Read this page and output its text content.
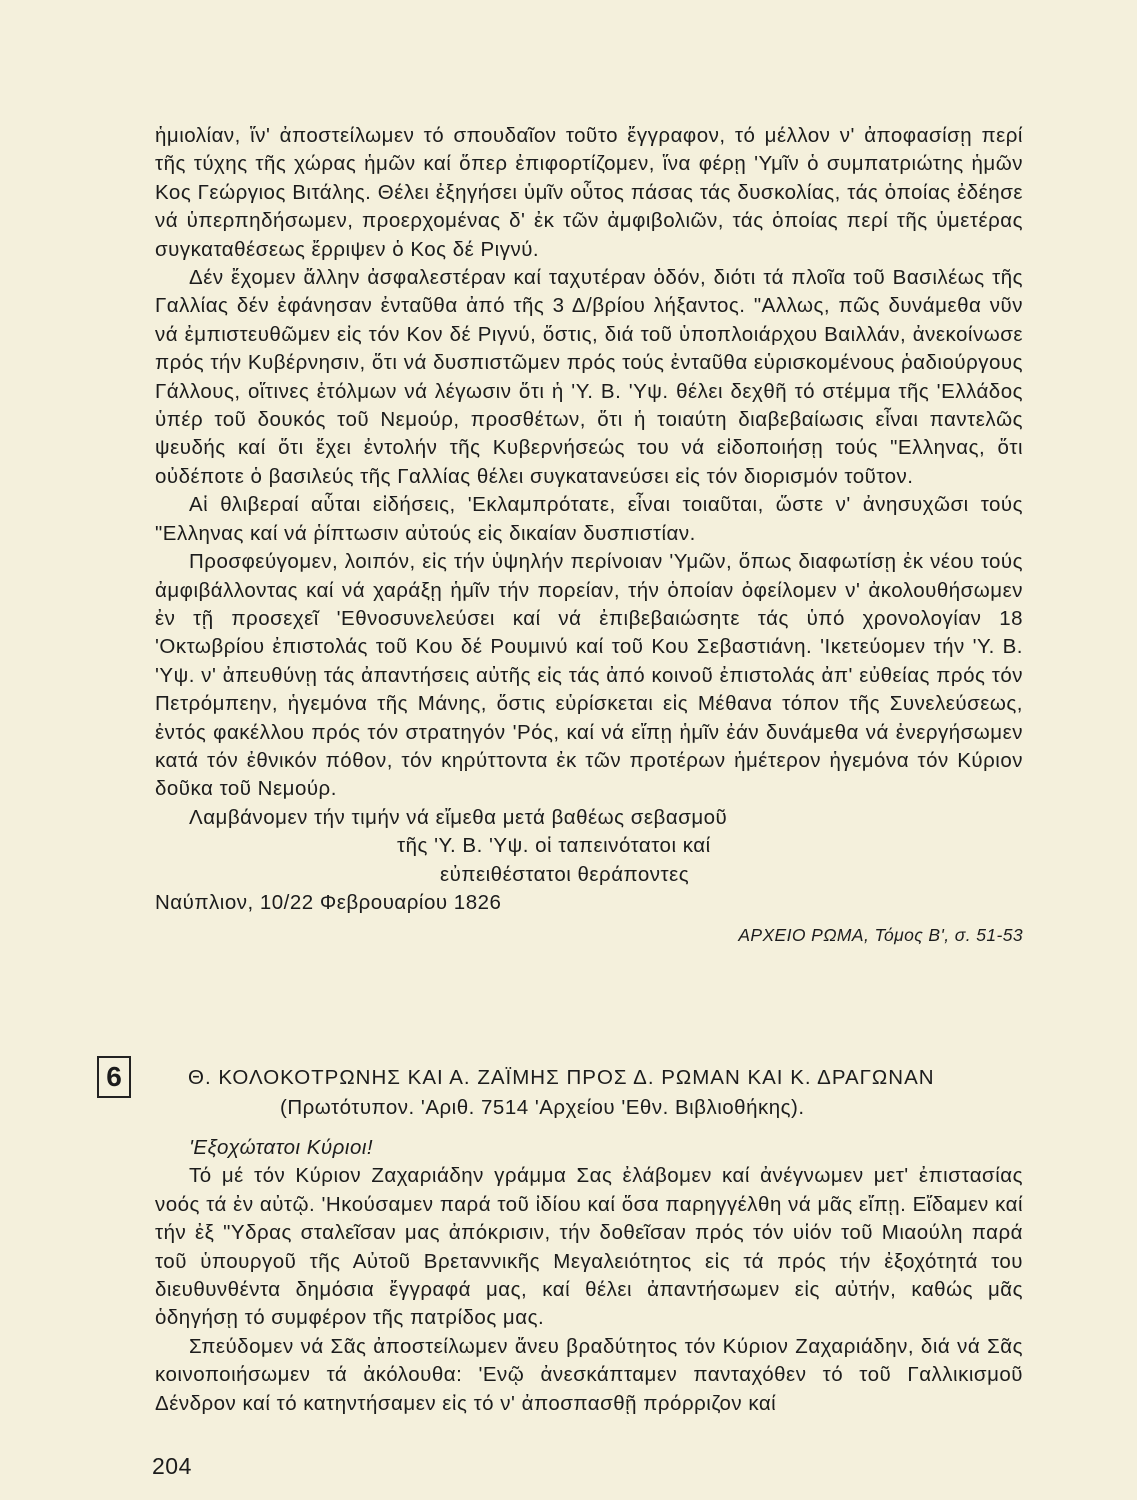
ἡμιολίαν, ἵν' ἀποστείλωμεν τό σπουδαῖον τοῦτο ἔγγραφον, τό μέλλον ν' ἀποφασίσῃ περί τῆς τύχης τῆς χώρας ἡμῶν καί ὅπερ ἐπιφορτίζομεν, ἵνα φέρῃ 'Υμῖν ὁ συμπατριώτης ἡμῶν Κος Γεώργιος Βιτάλης. Θέλει ἐξηγήσει ὑμῖν οὗτος πάσας τάς δυσκολίας, τάς ὁποίας ἐδέησε νά ὑπερπηδήσωμεν, προερχομένας δ' ἐκ τῶν ἀμφιβολιῶν, τάς ὁποίας περί τῆς ὑμετέρας συγκαταθέσεως ἔρριψεν ὁ Κος δέ Ριγνύ.

Δέν ἔχομεν ἄλλην ἀσφαλεστέραν καί ταχυτέραν ὁδόν, διότι τά πλοῖα τοῦ Βασιλέως τῆς Γαλλίας δέν ἐφάνησαν ἐνταῦθα ἀπό τῆς 3 Δ/βρίου λήξαντος. "Αλλως, πῶς δυνάμεθα νῦν νά ἐμπιστευθῶμεν εἰς τόν Κον δέ Ριγνύ, ὅστις, διά τοῦ ὑποπλοιάρχου Βαιλλάν, ἀνεκοίνωσε πρός τήν Κυβέρνησιν, ὅτι νά δυσπιστῶμεν πρός τούς ἐνταῦθα εὑρισκομένους ῥαδιούργους Γάλλους, οἵτινες ἐτόλμων νά λέγωσιν ὅτι ἡ 'Υ. Β. 'Υψ. θέλει δεχθῆ τό στέμμα τῆς 'Ελλάδος ὑπέρ τοῦ δουκός τοῦ Νεμούρ, προσθέτων, ὅτι ἡ τοιαύτη διαβεβαίωσις εἶναι παντελῶς ψευδής καί ὅτι ἔχει ἐντολήν τῆς Κυβερνήσεώς του νά εἰδοποιήσῃ τούς "Ελληνας, ὅτι οὐδέποτε ὁ βασιλεύς τῆς Γαλλίας θέλει συγκατανεύσει εἰς τόν διορισμόν τοῦτον.

Αἱ θλιβεραί αὗται εἰδήσεις, 'Εκλαμπρότατε, εἶναι τοιαῦται, ὥστε ν' ἀνησυχῶσι τούς "Ελληνας καί νά ῥίπτωσιν αὐτούς εἰς δικαίαν δυσπιστίαν.

Προσφεύγομεν, λοιπόν, εἰς τήν ὑψηλήν περίνοιαν 'Υμῶν, ὅπως διαφωτίσῃ ἐκ νέου τούς ἀμφιβάλλοντας καί νά χαράξῃ ἡμῖν τήν πορείαν, τήν ὁποίαν ὀφείλομεν ν' ἀκολουθήσωμεν ἐν τῇ προσεχεῖ 'Εθνοσυνελεύσει καί νά ἐπιβεβαιώσητε τάς ὑπό χρονολογίαν 18 'Οκτωβρίου ἐπιστολάς τοῦ Κου δέ Ρουμινύ καί τοῦ Κου Σεβαστιάνη. 'Ικετεύομεν τήν 'Υ. Β. 'Υψ. ν' ἀπευθύνῃ τάς ἀπαντήσεις αὐτῆς εἰς τάς ἀπό κοινοῦ ἐπιστολάς ἀπ' εὐθείας πρός τόν Πετρόμπεην, ἡγεμόνα τῆς Μάνης, ὅστις εὑρίσκεται εἰς Μέθανα τόπον τῆς Συνελεύσεως, ἐντός φακέλλου πρός τόν στρατηγόν 'Ρός, καί νά εἴπῃ ἡμῖν ἐάν δυνάμεθα νά ἐνεργήσωμεν κατά τόν ἐθνικόν πόθον, τόν κηρύττοντα ἐκ τῶν προτέρων ἡμέτερον ἡγεμόνα τόν Κύριον δοῦκα τοῦ Νεμούρ.

Λαμβάνομεν τήν τιμήν νά εἴμεθα μετά βαθέως σεβασμοῦ

τῆς 'Υ. Β. 'Υψ. οἱ ταπεινότατοι καί

εὐπειθέστατοι θεράποντες

Ναύπλιον, 10/22 Φεβρουαρίου 1826

ΑΡΧΕΙΟ ΡΩΜΑ, Τόμος Β', σ. 51-53

6	Θ. ΚΟΛΟΚΟΤΡΩΝΗΣ ΚΑΙ Α. ΖΑΪΜΗΣ ΠΡΟΣ Δ. ΡΩΜΑΝ ΚΑΙ Κ. ΔΡΑΓΩΝΑΝ

(Πρωτότυπον. 'Αριθ. 7514 'Αρχείου 'Εθν. Βιβλιοθήκης).

'Εξοχώτατοι Κύριοι!

Τό μέ τόν Κύριον Ζαχαριάδην γράμμα Σας ἐλάβομεν καί ἀνέγνωμεν μετ' ἐπιστασίας νοός τά ἐν αὐτῷ. 'Ηκούσαμεν παρά τοῦ ἰδίου καί ὅσα παρηγγέλθη νά μᾶς εἴπῃ. Εἴδαμεν καί τήν ἐξ "Υδρας σταλεῖσαν μας ἀπόκρισιν, τήν δοθεῖσαν πρός τόν υἱόν τοῦ Μιαούλη παρά τοῦ ὑπουργοῦ τῆς Αὐτοῦ Βρεταννικῆς Μεγαλειότητος εἰς τά πρός τήν ἐξοχότητά του διευθυνθέντα δημόσια ἔγγραφά μας, καί θέλει ἀπαντήσωμεν εἰς αὐτήν, καθώς μᾶς ὁδηγήσῃ τό συμφέρον τῆς πατρίδος μας.

Σπεύδομεν νά Σᾶς ἀποστείλωμεν ἄνευ βραδύτητος τόν Κύριον Ζαχαριάδην, διά νά Σᾶς κοινοποιήσωμεν τά ἀκόλουθα: 'Ενῷ ἀνεσκάπταμεν πανταχόθεν τό τοῦ Γαλλικισμοῦ Δένδρον καί τό κατηντήσαμεν εἰς τό ν' ἀποσπασθῇ πρόρριζον καί

204
